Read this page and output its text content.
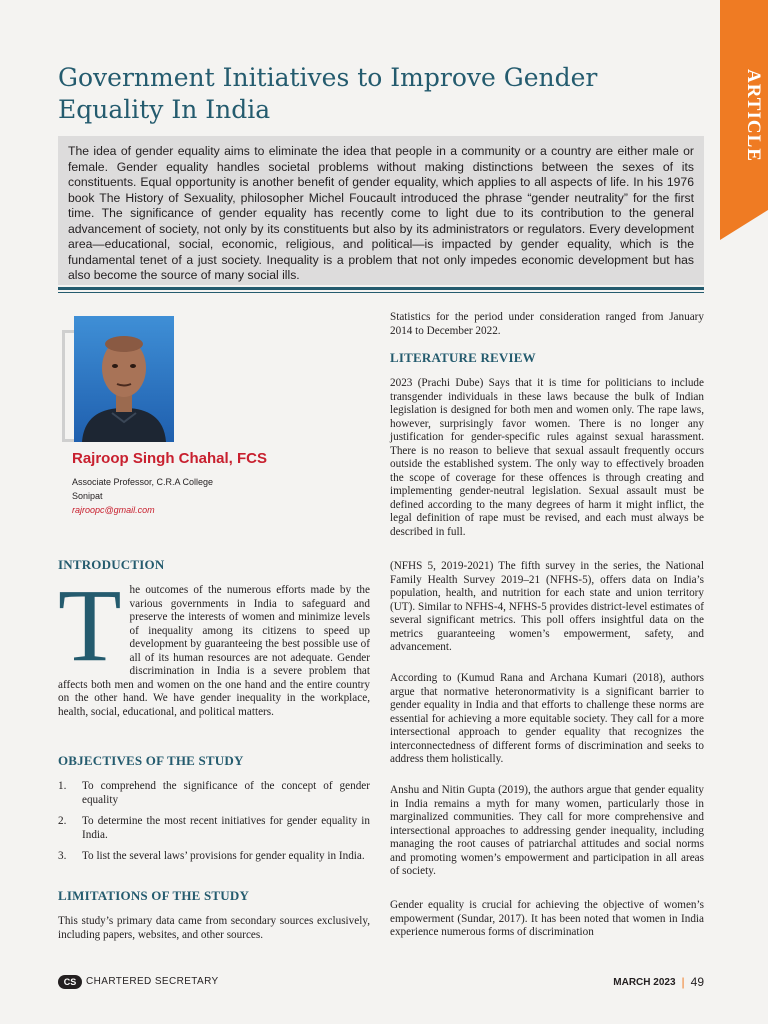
ARTICLE
Government Initiatives to Improve Gender Equality In India

The idea of gender equality aims to eliminate the idea that people in a community or a country are either male or female. Gender equality handles societal problems without making distinctions between the sexes of its constituents. Equal opportunity is another benefit of gender equality, which applies to all aspects of life. In his 1976 book The History of Sexuality, philosopher Michel Foucault introduced the phrase “gender neutrality” for the first time. The significance of gender equality has recently come to light due to its contribution to the general advancement of society, not only by its constituents but also by its administrators or regulators. Every development area—educational, social, economic, religious, and political—is impacted by gender equality, which is the fundamental tenet of a just society. Inequality is a problem that not only impedes economic development but has also become the source of many social ills.

Rajroop Singh Chahal, FCS
Associate Professor, C.R.A College
Sonipat
rajroopc@gmail.com
INTRODUCTION
T he outcomes of the numerous efforts made by the various governments in India to safeguard and preserve the interests of women and minimize levels of inequality among its citizens to speed up development by guaranteeing the best possible use of all of its human resources are not adequate. Gender discrimination in India is a severe problem that affects both men and women on the one hand and the entire country on the other hand. We have gender inequality in the workplace, health, social, educational, and political matters.

OBJECTIVES OF THE STUDY
1.	To comprehend the significance of the concept of gender equality
2.	To determine the most recent initiatives for gender equality in India.
3.	To list the several laws’ provisions for gender equality in India.
LIMITATIONS OF THE STUDY

This study’s primary data came from secondary sources exclusively, including papers, websites, and other sources.

Statistics for the period under consideration ranged from January 2014 to December 2022.

LITERATURE REVIEW

2023 (Prachi Dube) Says that it is time for politicians to include transgender individuals in these laws because the bulk of Indian legislation is designed for both men and women only. The rape laws, however, surprisingly favor women. There is no longer any justification for gender-specific rules against sexual harassment. There is no reason to believe that sexual assault frequently occurs outside the established system. The only way to effectively broaden the scope of coverage for these offences is through creating and implementing gender-neutral legislation. Sexual assault must be defined according to the many degrees of harm it might inflict, the legal definition of rape must be revised, and each must always be described in full.

(NFHS 5, 2019-2021) The fifth survey in the series, the National Family Health Survey 2019–21 (NFHS-5), offers data on India’s population, health, and nutrition for each state and union territory (UT). Similar to NFHS-4, NFHS-5 provides district-level estimates of several significant metrics. This poll offers insightful data on the metrics guaranteeing women’s empowerment, safety, and advancement.

According to (Kumud Rana and Archana Kumari (2018), authors argue that normative heteronormativity is a significant barrier to gender equality in India and that efforts to challenge these norms are essential for achieving a more equitable society. They call for a more intersectional approach to gender equality that recognizes the interconnectedness of different forms of discrimination and seeks to address them holistically.

Anshu and Nitin Gupta (2019), the authors argue that gender equality in India remains a myth for many women, particularly those in marginalized communities. They call for more comprehensive and intersectional approaches to addressing gender inequality, including managing the root causes of patriarchal attitudes and social norms and promoting women’s empowerment and participation in all areas of society.

Gender equality is crucial for achieving the objective of women’s empowerment (Sundar, 2017). It has been noted that women in India experience numerous forms of discrimination

CS CHARTERED SECRETARY	MARCH 2023 | 49
